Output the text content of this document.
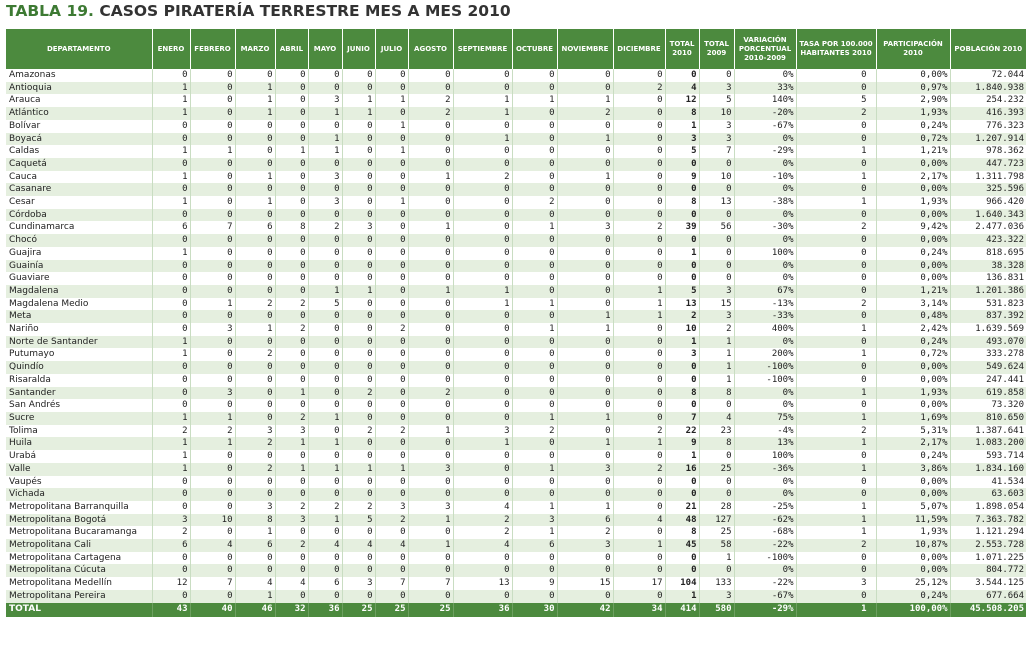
TABLA 19. CASOS PIRATERÍA TERRESTRE MES A MES 2010
DEPARTAMENTO	ENERO	FEBRERO	MARZO	ABRIL	MAYO	JUNIO	JULIO	AGOSTO	SEPTIEMBRE	OCTUBRE	NOVIEMBRE	DICIEMBRE	TOTAL 2010	TOTAL 2009	VARIACIÓN PORCENTUAL 2010-2009	TASA POR 100.000 HABITANTES 2010	PARTICIPACIÓN 2010	POBLACIÓN 2010
Amazonas	0	0	0	0	0	0	0	0	0	0	0	0	0	0	0%	0	0,00%	72.044
Antioquia	1	0	1	0	0	0	0	0	0	0	0	2	4	3	33%	0	0,97%	1.840.938
Arauca	1	0	1	0	3	1	1	2	1	1	1	0	12	5	140%	5	2,90%	254.232
Atlántico	1	0	1	0	1	1	0	2	1	0	2	0	8	10	-20%	2	1,93%	416.393
Bolívar	0	0	0	0	0	0	1	0	0	0	0	0	1	3	-67%	0	0,24%	776.323
Boyacá	0	0	0	0	1	0	0	0	1	0	1	0	3	3	0%	0	0,72%	1.207.914
Caldas	1	1	0	1	1	0	1	0	0	0	0	0	5	7	-29%	1	1,21%	978.362
Caquetá	0	0	0	0	0	0	0	0	0	0	0	0	0	0	0%	0	0,00%	447.723
Cauca	1	0	1	0	3	0	0	1	2	0	1	0	9	10	-10%	1	2,17%	1.311.798
Casanare	0	0	0	0	0	0	0	0	0	0	0	0	0	0	0%	0	0,00%	325.596
Cesar	1	0	1	0	3	0	1	0	0	2	0	0	8	13	-38%	1	1,93%	966.420
Córdoba	0	0	0	0	0	0	0	0	0	0	0	0	0	0	0%	0	0,00%	1.640.343
Cundinamarca	6	7	6	8	2	3	0	1	0	1	3	2	39	56	-30%	2	9,42%	2.477.036
Chocó	0	0	0	0	0	0	0	0	0	0	0	0	0	0	0%	0	0,00%	423.322
Guajira	1	0	0	0	0	0	0	0	0	0	0	0	1	0	100%	0	0,24%	818.695
Guainía	0	0	0	0	0	0	0	0	0	0	0	0	0	0	0%	0	0,00%	38.328
Guaviare	0	0	0	0	0	0	0	0	0	0	0	0	0	0	0%	0	0,00%	136.831
Magdalena	0	0	0	0	1	1	0	1	1	0	0	1	5	3	67%	0	1,21%	1.201.386
Magdalena Medio	0	1	2	2	5	0	0	0	1	1	0	1	13	15	-13%	2	3,14%	531.823
Meta	0	0	0	0	0	0	0	0	0	0	1	1	2	3	-33%	0	0,48%	837.392
Nariño	0	3	1	2	0	0	2	0	0	1	1	0	10	2	400%	1	2,42%	1.639.569
Norte de Santander	1	0	0	0	0	0	0	0	0	0	0	0	1	1	0%	0	0,24%	493.070
Putumayo	1	0	2	0	0	0	0	0	0	0	0	0	3	1	200%	1	0,72%	333.278
Quindío	0	0	0	0	0	0	0	0	0	0	0	0	0	1	-100%	0	0,00%	549.624
Risaralda	0	0	0	0	0	0	0	0	0	0	0	0	0	1	-100%	0	0,00%	247.441
Santander	0	3	0	1	0	2	0	2	0	0	0	0	8	8	0%	1	1,93%	619.858
San Andrés	0	0	0	0	0	0	0	0	0	0	0	0	0	0	0%	0	0,00%	73.320
Sucre	1	1	0	2	1	0	0	0	0	1	1	0	7	4	75%	1	1,69%	810.650
Tolima	2	2	3	3	0	2	2	1	3	2	0	2	22	23	-4%	2	5,31%	1.387.641
Huila	1	1	2	1	1	0	0	0	1	0	1	1	9	8	13%	1	2,17%	1.083.200
Urabá	1	0	0	0	0	0	0	0	0	0	0	0	1	0	100%	0	0,24%	593.714
Valle	1	0	2	1	1	1	1	3	0	1	3	2	16	25	-36%	1	3,86%	1.834.160
Vaupés	0	0	0	0	0	0	0	0	0	0	0	0	0	0	0%	0	0,00%	41.534
Vichada	0	0	0	0	0	0	0	0	0	0	0	0	0	0	0%	0	0,00%	63.603
Metropolitana Barranquilla	0	0	3	2	2	2	3	3	4	1	1	0	21	28	-25%	1	5,07%	1.898.054
Metropolitana Bogotá	3	10	8	3	1	5	2	1	2	3	6	4	48	127	-62%	1	11,59%	7.363.782
Metropolitana Bucaramanga	2	0	1	0	0	0	0	0	2	1	2	0	8	25	-68%	1	1,93%	1.121.294
Metropolitana Cali	6	4	6	2	4	4	4	1	4	6	3	1	45	58	-22%	2	10,87%	2.553.728
Metropolitana Cartagena	0	0	0	0	0	0	0	0	0	0	0	0	0	1	-100%	0	0,00%	1.071.225
Metropolitana Cúcuta	0	0	0	0	0	0	0	0	0	0	0	0	0	0	0%	0	0,00%	804.772
Metropolitana Medellín	12	7	4	4	6	3	7	7	13	9	15	17	104	133	-22%	3	25,12%	3.544.125
Metropolitana Pereira	0	0	1	0	0	0	0	0	0	0	0	0	1	3	-67%	0	0,24%	677.664
TOTAL	43	40	46	32	36	25	25	25	36	30	42	34	414	580	-29%	1	100,00%	45.508.205
